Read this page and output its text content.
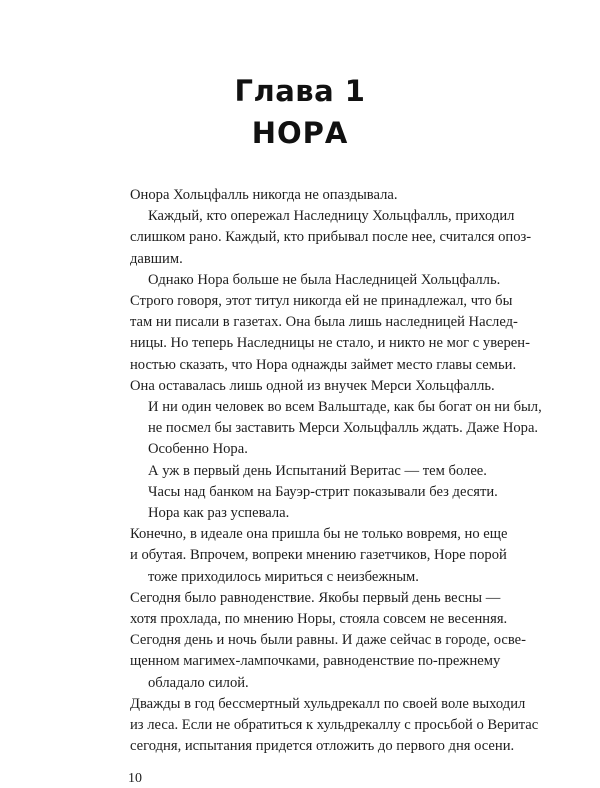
Глава 1
НОРА
Онора Хольцфалль никогда не опаздывала.
Каждый, кто опережал Наследницу Хольцфалль, приходил
слишком рано. Каждый, кто прибывал после нее, считался опоз-
давшим.
Однако Нора больше не была Наследницей Хольцфалль.
Строго говоря, этот титул никогда ей не принадлежал, что бы
там ни писали в газетах. Она была лишь наследницей Наслед-
ницы. Но теперь Наследницы не стало, и никто не мог с уверен-
ностью сказать, что Нора однажды займет место главы семьи.
Она оставалась лишь одной из внучек Мерси Хольцфалль.
И ни один человек во всем Вальштаде, как бы богат он ни был,
не посмел бы заставить Мерси Хольцфалль ждать. Даже Нора.
Особенно Нора.
А уж в первый день Испытаний Веритас — тем более.
Часы над банком на Бауэр-стрит показывали без десяти.
Нора как раз успевала.
Конечно, в идеале она пришла бы не только вовремя, но еще
и обутая. Впрочем, вопреки мнению газетчиков, Норе порой
тоже приходилось мириться с неизбежным.
Сегодня было равноденствие. Якобы первый день весны —
хотя прохлада, по мнению Норы, стояла совсем не весенняя.
Сегодня день и ночь были равны. И даже сейчас в городе, осве-
щенном магимех-лампочками, равноденствие по-прежнему
обладало силой.
Дважды в год бессмертный хульдрекалл по своей воле выходил
из леса. Если не обратиться к хульдрекаллу с просьбой о Веритас
сегодня, испытания придется отложить до первого дня осени.
10
